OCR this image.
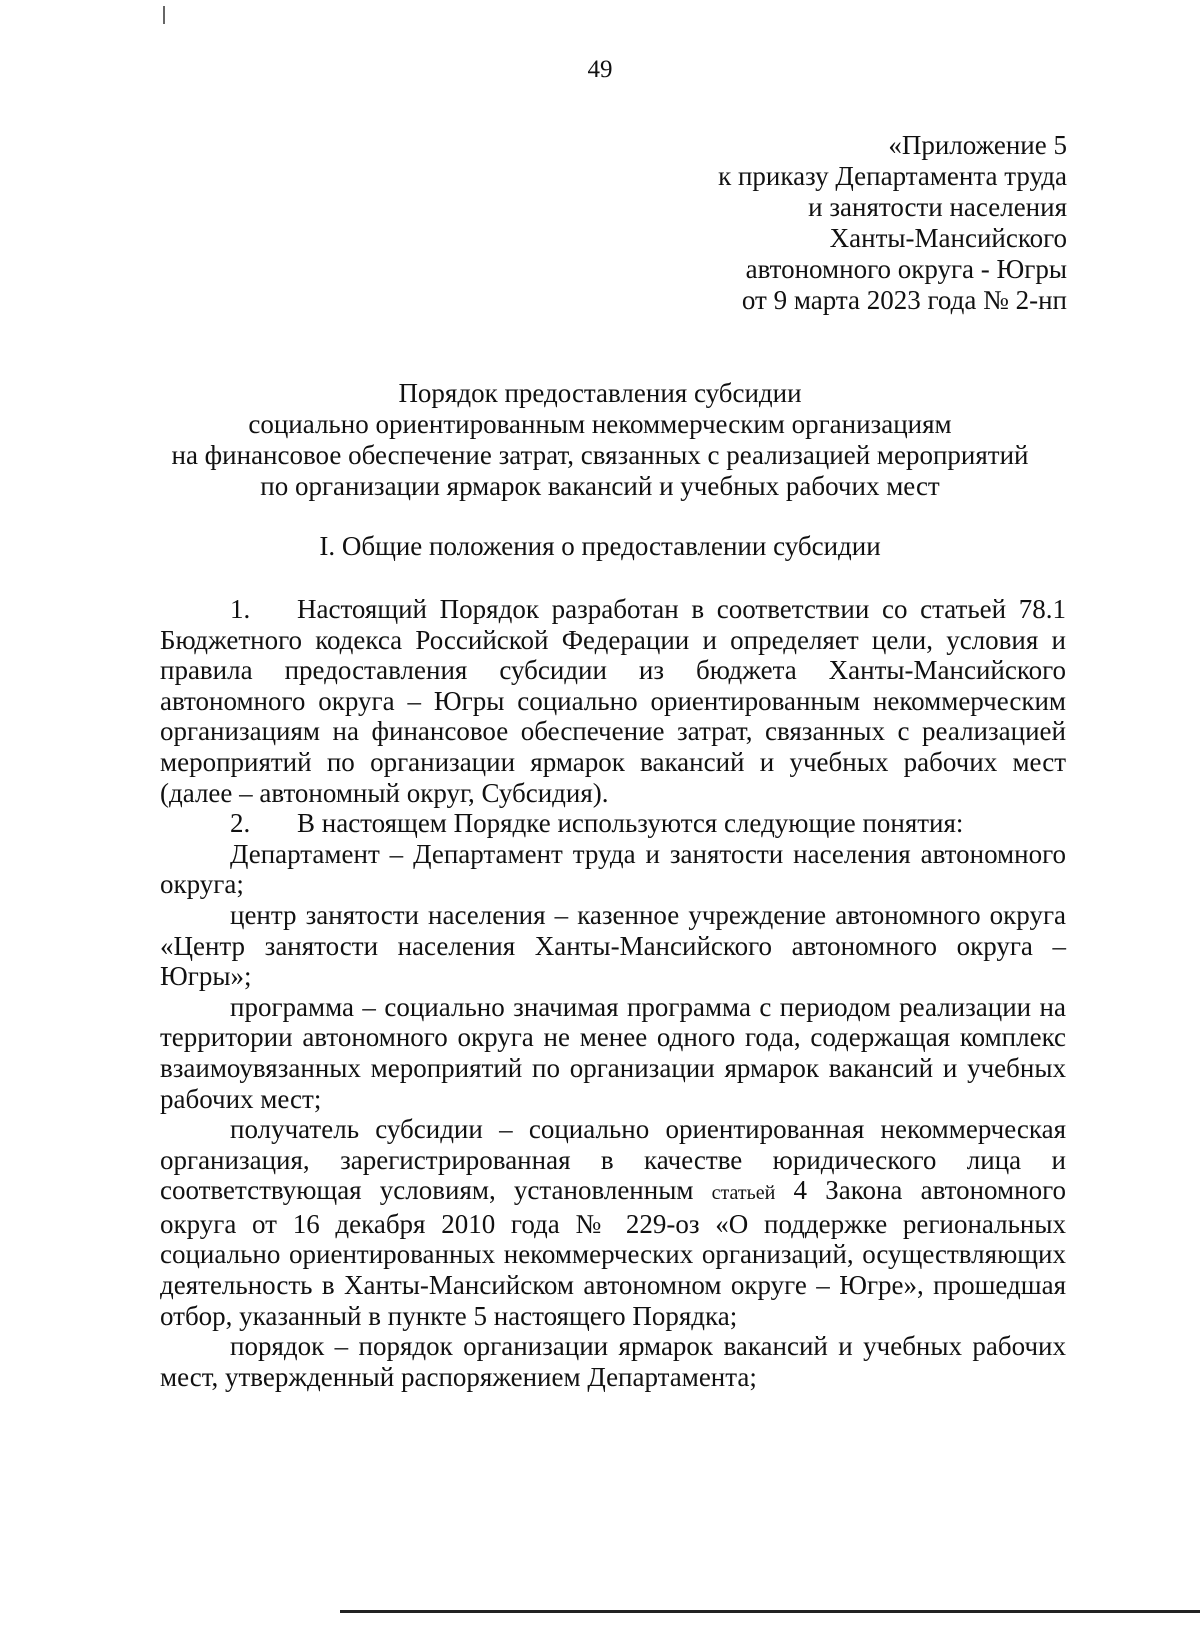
49
«Приложение 5
к приказу Департамента труда
и занятости населения
Ханты-Мансийского
автономного округа - Югры
от 9 марта 2023 года № 2-нп
Порядок предоставления субсидии
социально ориентированным некоммерческим организациям
на финансовое обеспечение затрат, связанных с реализацией мероприятий
по организации ярмарок вакансий и учебных рабочих мест
I. Общие положения о предоставлении субсидии

1. Настоящий Порядок разработан в соответствии со статьей 78.1 Бюджетного кодекса Российской Федерации и определяет цели, условия и правила предоставления субсидии из бюджета Ханты-Мансийского автономного округа – Югры социально ориентированным некоммерческим организациям на финансовое обеспечение затрат, связанных с реализацией мероприятий по организации ярмарок вакансий и учебных рабочих мест (далее – автономный округ, Субсидия).

2. В настоящем Порядке используются следующие понятия:

Департамент – Департамент труда и занятости населения автономного округа;

центр занятости населения – казенное учреждение автономного округа «Центр занятости населения Ханты-Мансийского автономного округа – Югры»;

программа – социально значимая программа с периодом реализации на территории автономного округа не менее одного года, содержащая комплекс взаимоувязанных мероприятий по организации ярмарок вакансий и учебных рабочих мест;

получатель субсидии – социально ориентированная некоммерческая организация, зарегистрированная в качестве юридического лица и соответствующая условиям, установленным статьей 4 Закона автономного округа от 16 декабря 2010 года № 229-оз «О поддержке региональных социально ориентированных некоммерческих организаций, осуществляющих деятельность в Ханты-Мансийском автономном округе – Югре», прошедшая отбор, указанный в пункте 5 настоящего Порядка;

порядок – порядок организации ярмарок вакансий и учебных рабочих мест, утвержденный распоряжением Департамента;
